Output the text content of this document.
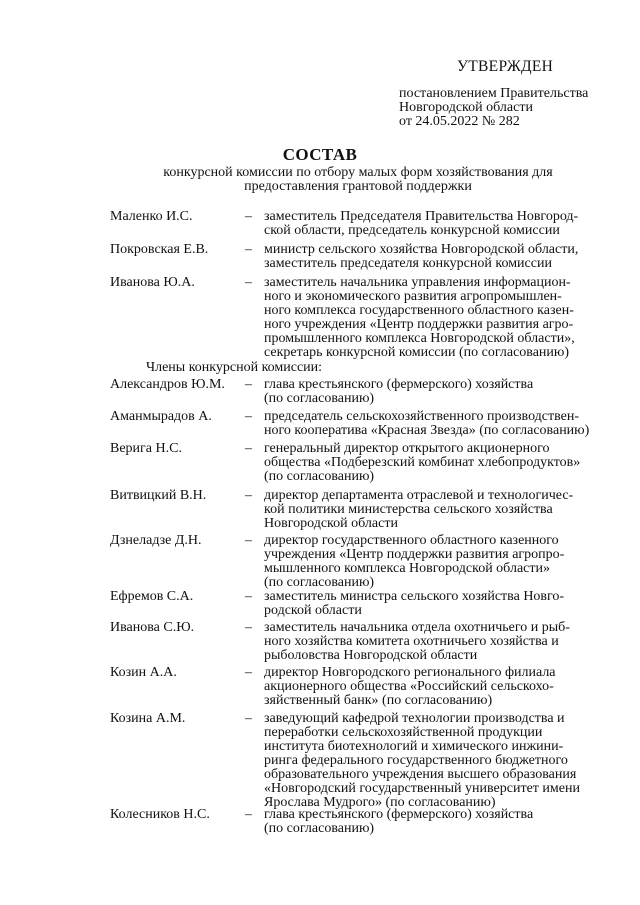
УТВЕРЖДЕН
постановлением Правительства
Новгородской области
от 24.05.2022 № 282
СОСТАВ
конкурсной комиссии по отбору малых форм хозяйствования для
предоставления грантовой поддержки
Маленко И.С.	– заместитель Председателя Правительства Новгород-
ской области, председатель конкурсной комиссии
Покровская Е.В.	– министр сельского хозяйства Новгородской области,
заместитель председателя конкурсной комиссии
Иванова Ю.А.	– заместитель начальника управления информацион-
ного и экономического развития агропромышлен-
ного комплекса государственного областного казен-
ного учреждения «Центр поддержки развития агро-
промышленного комплекса Новгородской области»,
секретарь конкурсной комиссии (по согласованию)
Члены конкурсной комиссии:
Александров Ю.М. – глава крестьянского (фермерского) хозяйства
(по согласованию)
Аманмырадов А. – председатель сельскохозяйственного производствен-
ного кооператива «Красная Звезда» (по согласованию)
Верига Н.С.	– генеральный директор открытого акционерного
общества «Подберезский комбинат хлебопродуктов»
(по согласованию)
Витвицкий В.Н.	– директор департамента отраслевой и технологичес-
кой политики министерства сельского хозяйства
Новгородской области
Дзнеладзе Д.Н.	– директор государственного областного казенного
учреждения «Центр поддержки развития агропро-
мышленного комплекса Новгородской области»
(по согласованию)
Ефремов С.А.	– заместитель министра сельского хозяйства Новго-
родской области
Иванова С.Ю.	– заместитель начальника отдела охотничьего и рыб-
ного хозяйства комитета охотничьего хозяйства и
рыболовства Новгородской области
Козин А.А.	– директор Новгородского регионального филиала
акционерного общества «Российский сельскохо-
зяйственный банк» (по согласованию)
Козина А.М.	– заведующий кафедрой технологии производства и
переработки сельскохозяйственной продукции
института биотехнологий и химического инжини-
ринга федерального государственного бюджетного
образовательного учреждения высшего образования
«Новгородский государственный университет имени
Ярослава Мудрого» (по согласованию)
Колесников Н.С.	– глава крестьянского (фермерского) хозяйства
(по согласованию)
